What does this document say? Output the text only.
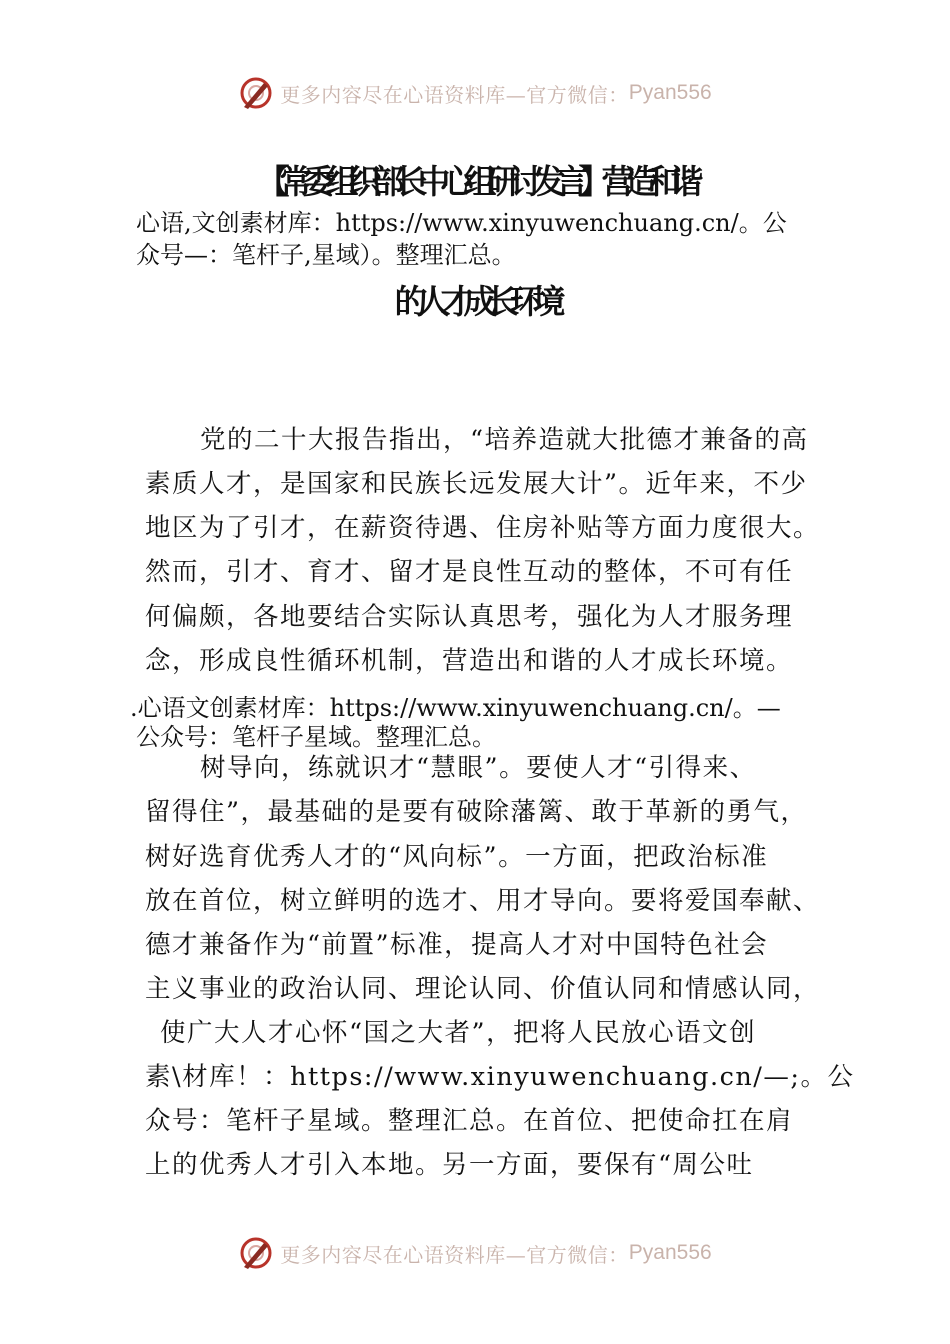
更多内容尽在心语资料库—官方微信： Pyan556
【常委组织部长中心组研讨发言】营造和谐
心语,文创素材库：https://www.xinyuwenchuang.cn/。公
众号—：笔杆子,星域）。整理汇总。
的人才成长环境
党的二十大报告指出，“培养造就大批德才兼备的高
素质人才，是国家和民族长远发展大计”。近年来，不少
地区为了引才，在薪资待遇、住房补贴等方面力度很大。
然而，引才、育才、留才是良性互动的整体，不可有任
何偏颇，各地要结合实际认真思考，强化为人才服务理
念，形成良性循环机制，营造出和谐的人才成长环境。
.心语文创素材库：https://www.xinyuwenchuang.cn/。—
公众号：笔杆子星域。整理汇总。
树导向，练就识才“慧眼”。要使人才“引得来、
留得住”，最基础的是要有破除藩篱、敢于革新的勇气，
树好选育优秀人才的“风向标”。一方面，把政治标准
放在首位，树立鲜明的选才、用才导向。要将爱国奉献、
德才兼备作为“前置”标准，提高人才对中国特色社会
主义事业的政治认同、理论认同、价值认同和情感认同，
使广大人才心怀“国之大者”，把将人民放心语文创
素\材库！：https://www.xinyuwenchuang.cn/—;。公
众号：笔杆子星域。整理汇总。在首位、把使命扛在肩
上的优秀人才引入本地。另一方面，要保有“周公吐
更多内容尽在心语资料库—官方微信： Pyan556
